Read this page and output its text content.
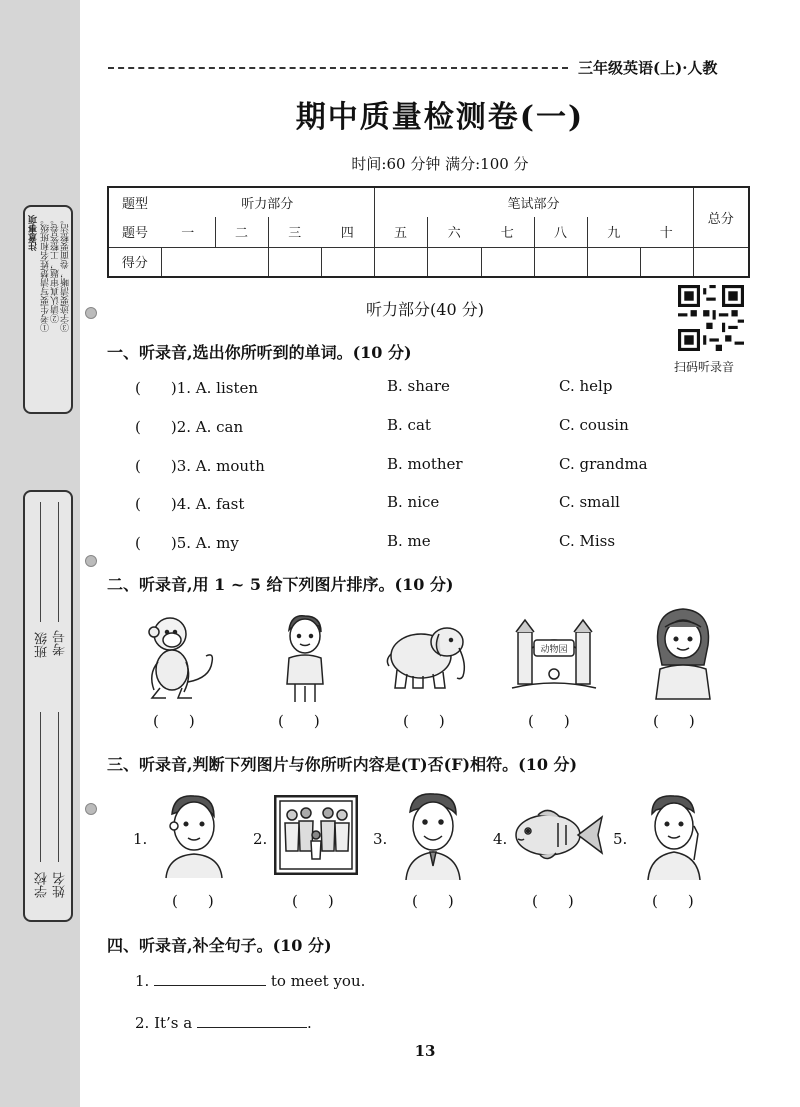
注意事项 ①考生要写清楚姓名和班级。 ②请认真审题，工整答卷。 ③字迹要清晰，卷面要整洁。
班级 考号
学校 姓名
三年级英语(上)·人教
期中质量检测卷(一)
时间:60 分钟 满分:100 分
题型	听力部分				笔试部分						总分
题号	一	二	三	四	五	六	七	八	九	十	
得分											
听力部分(40 分)
扫码听录音
一、听录音,选出你所听到的单词。(10 分)
(　　)1. A. listen	B. share	C. help
(　　)2. A. can	B. cat	C. cousin
(　　)3. A. mouth	B. mother	C. grandma
(　　)4. A. fast	B. nice	C. small
(　　)5. A. my	B. me	C. Miss
二、听录音,用 1 ~ 5 给下列图片排序。(10 分)
动物园
(　　)	(　　)	(　　)	(　　)	(　　)
三、听录音,判断下列图片与你所听内容是(T)否(F)相符。(10 分)
1.	2.	3.	4.	5.
(　　)	(　　)	(　　)	(　　)	(　　)
四、听录音,补全句子。(10 分)
1.	to meet you.
2. It’s a	.
13
